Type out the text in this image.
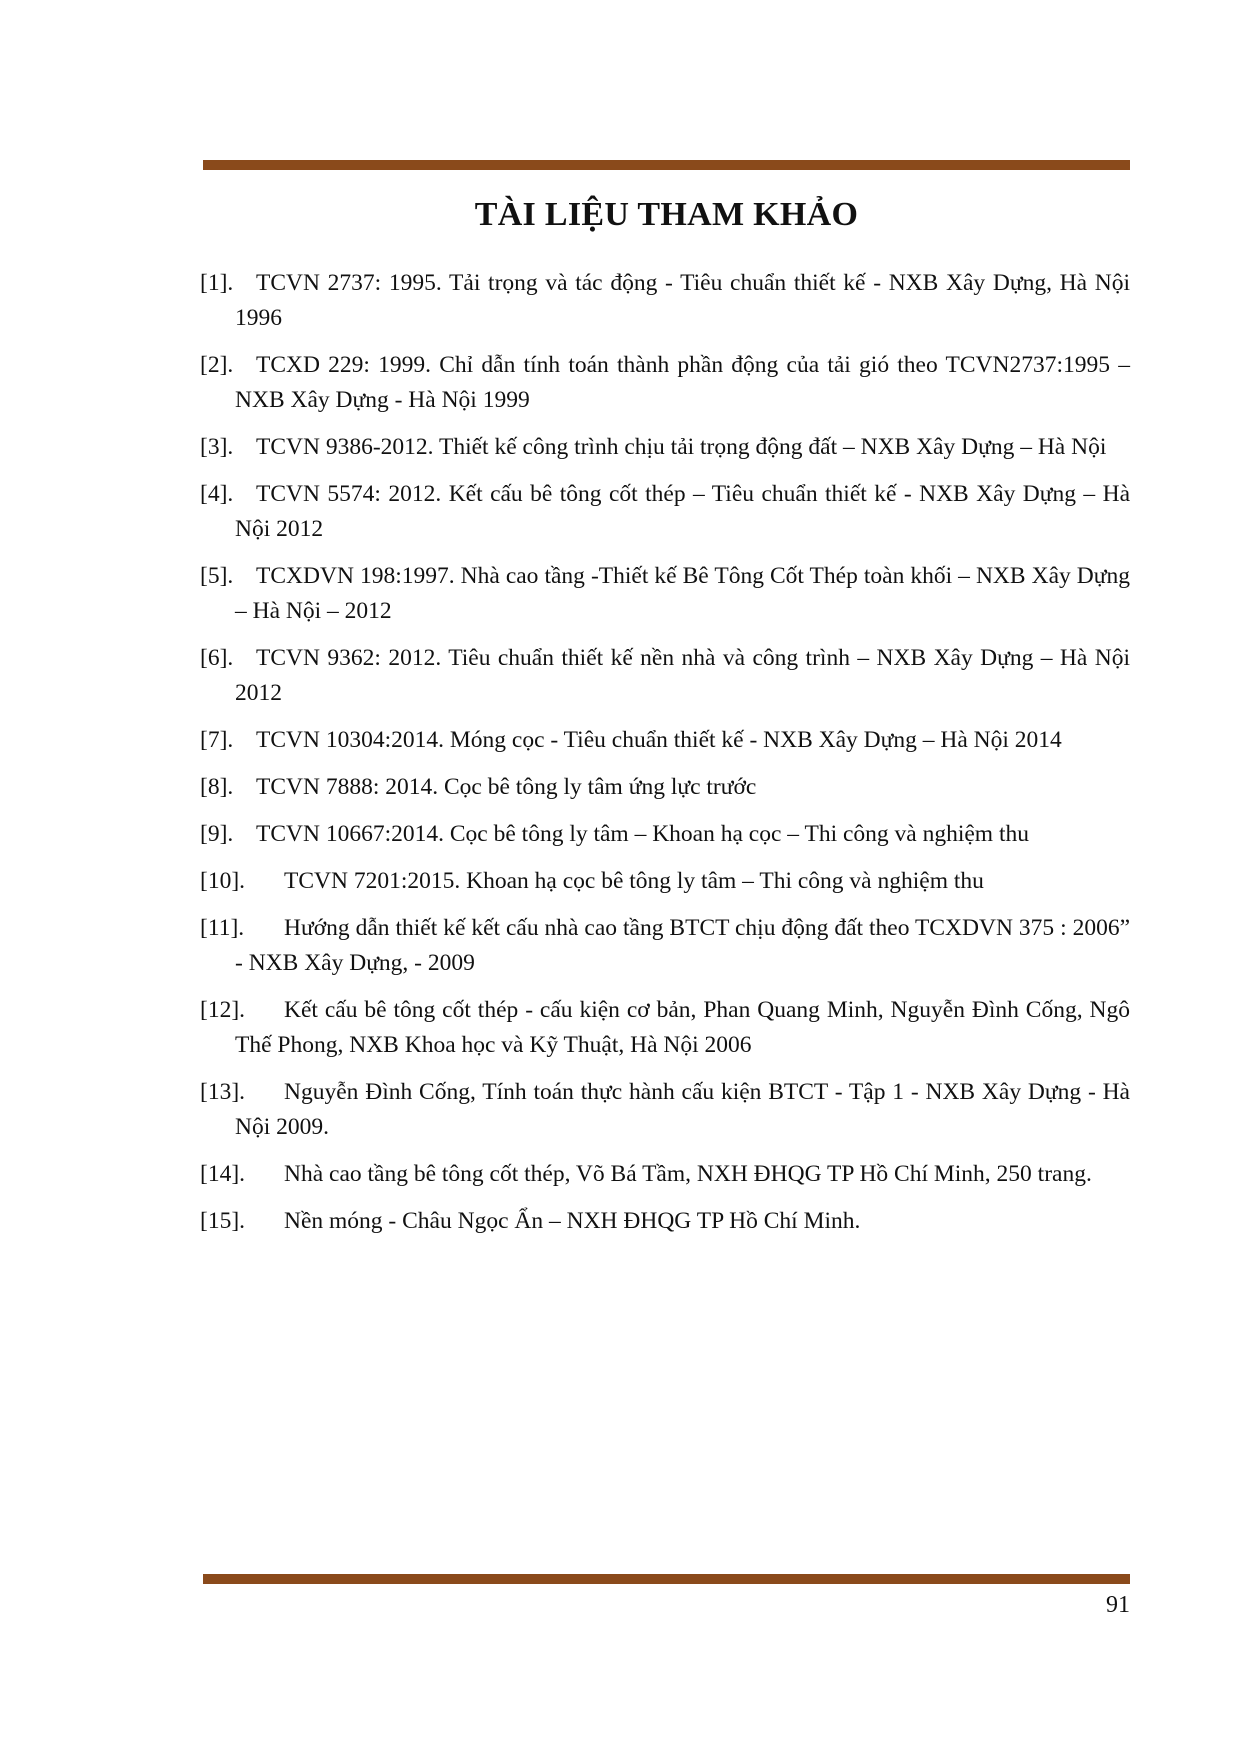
TÀI LIỆU THAM KHẢO
[1]. TCVN 2737: 1995. Tải trọng và tác động - Tiêu chuẩn thiết kế - NXB Xây Dựng, Hà Nội 1996
[2]. TCXD 229: 1999. Chỉ dẫn tính toán thành phần động của tải gió theo TCVN2737:1995 – NXB Xây Dựng - Hà Nội 1999
[3]. TCVN 9386-2012. Thiết kế công trình chịu tải trọng động đất – NXB Xây Dựng – Hà Nội
[4]. TCVN 5574: 2012. Kết cấu bê tông cốt thép – Tiêu chuẩn thiết kế - NXB Xây Dựng – Hà Nội 2012
[5]. TCXDVN 198:1997. Nhà cao tầng -Thiết kế Bê Tông Cốt Thép toàn khối – NXB Xây Dựng – Hà Nội – 2012
[6]. TCVN 9362: 2012. Tiêu chuẩn thiết kế nền nhà và công trình – NXB Xây Dựng – Hà Nội 2012
[7]. TCVN 10304:2014. Móng cọc - Tiêu chuẩn thiết kế - NXB Xây Dựng – Hà Nội 2014
[8]. TCVN 7888: 2014. Cọc bê tông ly tâm ứng lực trước
[9]. TCVN 10667:2014. Cọc bê tông ly tâm – Khoan hạ cọc – Thi công và nghiệm thu
[10]. TCVN 7201:2015. Khoan hạ cọc bê tông ly tâm – Thi công và nghiệm thu
[11]. Hướng dẫn thiết kế kết cấu nhà cao tầng BTCT chịu động đất theo TCXDVN 375 : 2006” - NXB Xây Dựng, - 2009
[12]. Kết cấu bê tông cốt thép - cấu kiện cơ bản, Phan Quang Minh, Nguyễn Đình Cống, Ngô Thế Phong, NXB Khoa học và Kỹ Thuật, Hà Nội 2006
[13]. Nguyễn Đình Cống, Tính toán thực hành cấu kiện BTCT - Tập 1 - NXB Xây Dựng - Hà Nội 2009.
[14]. Nhà cao tầng bê tông cốt thép, Võ Bá Tầm, NXH ĐHQG TP Hồ Chí Minh, 250 trang.
[15]. Nền móng - Châu Ngọc Ẩn – NXH ĐHQG TP Hồ Chí Minh.
91
